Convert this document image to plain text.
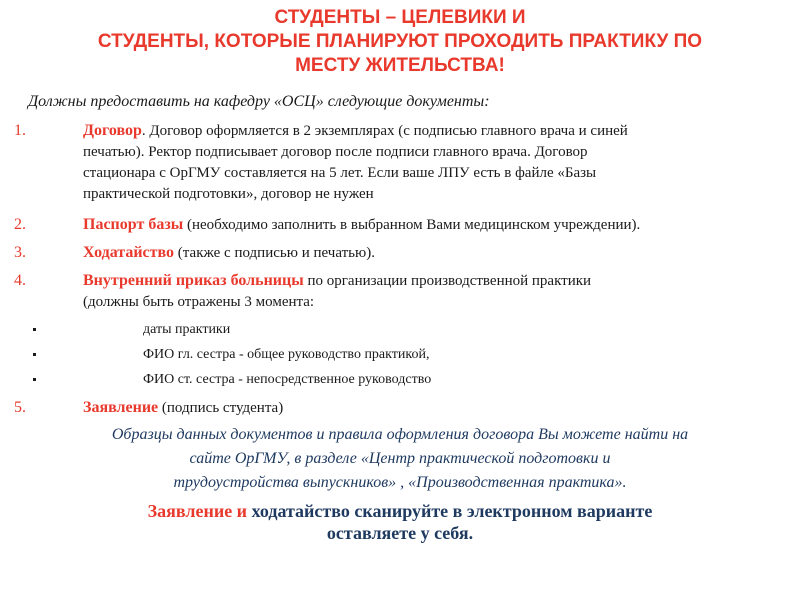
СТУДЕНТЫ – ЦЕЛЕВИКИ И
СТУДЕНТЫ, КОТОРЫЕ ПЛАНИРУЮТ ПРОХОДИТЬ ПРАКТИКУ ПО
МЕСТУ ЖИТЕЛЬСТВА!
Должны предоставить на кафедру «ОСЦ» следующие документы:
1.	Договор. Договор оформляется в 2 экземплярах (с подписью главного врача и синей
печатью). Ректор подписывает договор после подписи главного врача. Договор
стационара с ОрГМУ составляется на 5 лет. Если ваше ЛПУ есть в файле «Базы
практической подготовки», договор не нужен
2.	Паспорт базы (необходимо заполнить в выбранном Вами медицинском учреждении).
3.	Ходатайство (также с подписью и печатью).
4.	Внутренний приказ больницы по организации производственной практики
(должны быть отражены 3 момента:
даты практики
ФИО гл. сестра - общее руководство практикой,
ФИО ст. сестра - непосредственное руководство
5.	Заявление (подпись студента)
Образцы данных документов и правила оформления договора Вы можете найти на
сайте ОрГМУ, в разделе «Центр практической подготовки и
трудоустройства выпускников» , «Производственная практика».
Заявление и ходатайство сканируйте в электронном варианте
оставляете у себя.
